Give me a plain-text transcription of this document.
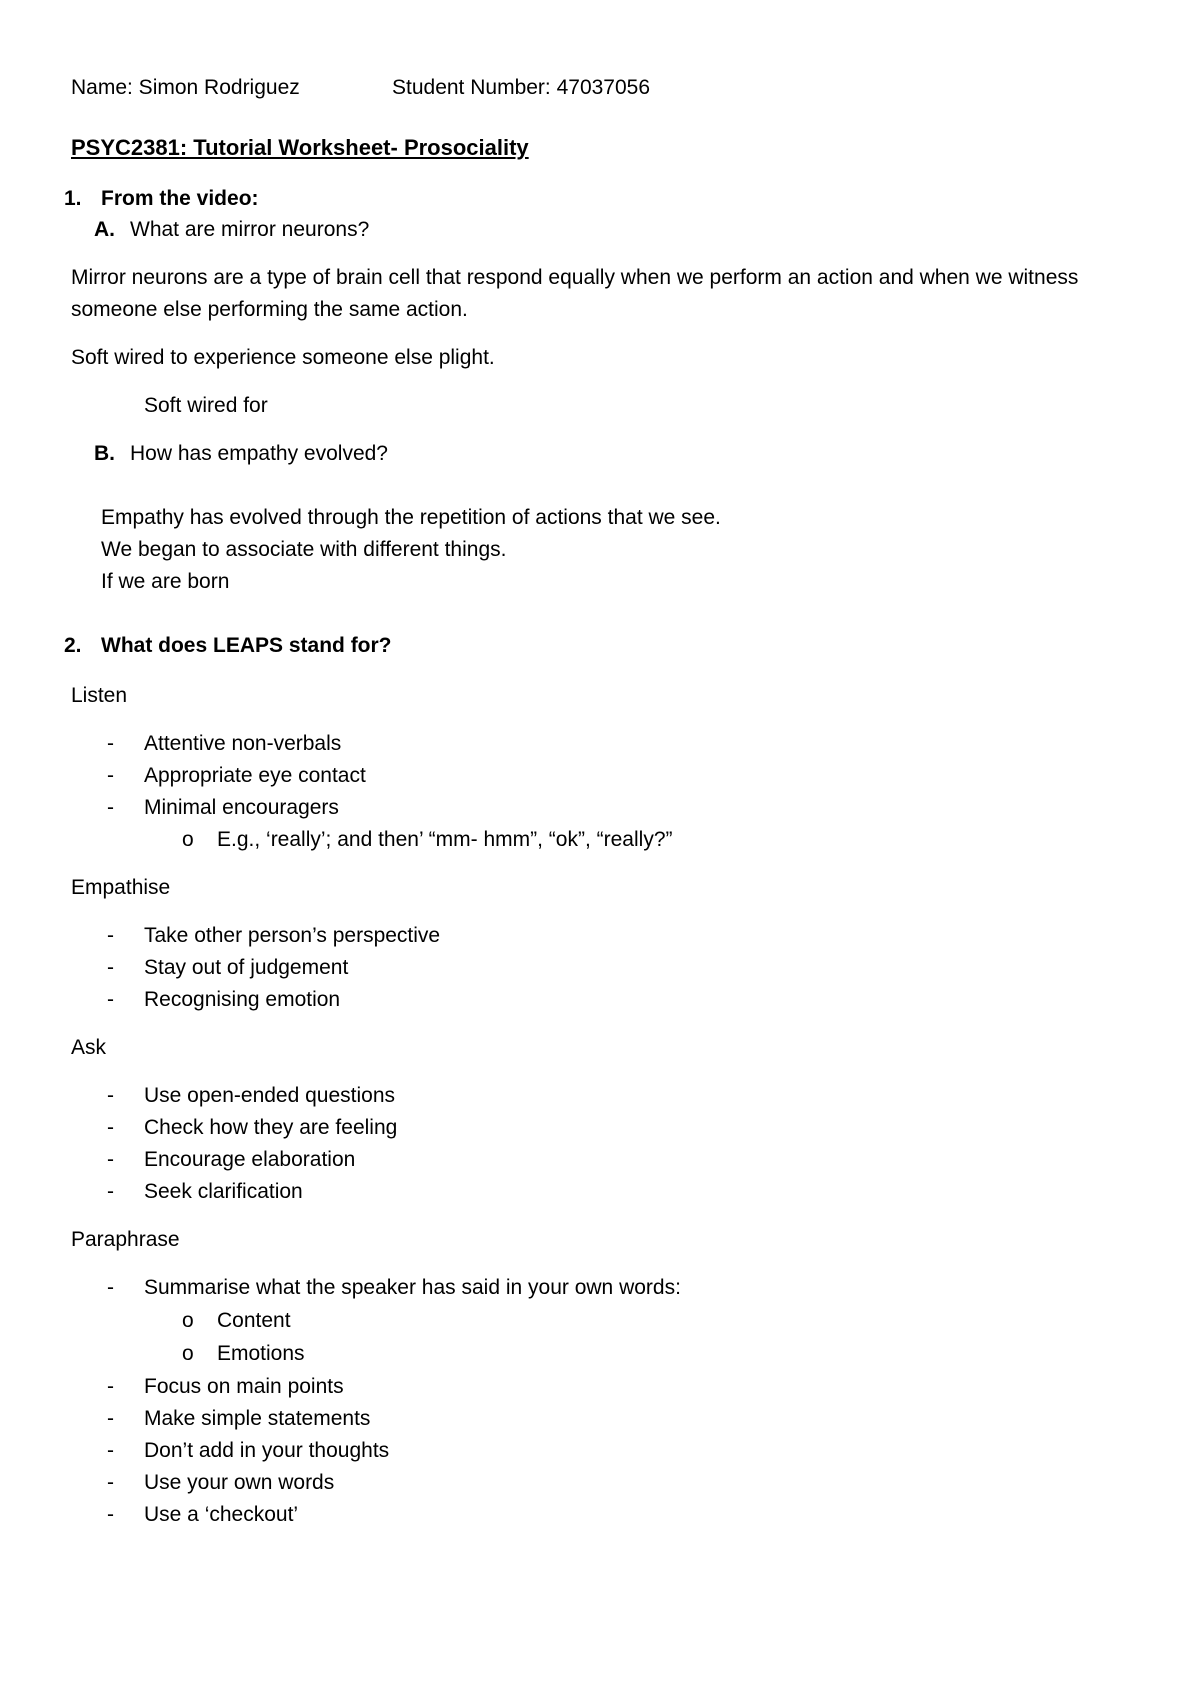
Name: Simon Rodriguez	Student Number: 47037056
PSYC2381: Tutorial Worksheet- Prosociality
1. From the video:
A. What are mirror neurons?
Mirror neurons are a type of brain cell that respond equally when we perform an action and when we witness
someone else performing the same action.
Soft wired to experience someone else plight.
Soft wired for
B. How has empathy evolved?
Empathy has evolved through the repetition of actions that we see.
We began to associate with different things.
If we are born
2. What does LEAPS stand for?
Listen
- Attentive non-verbals
- Appropriate eye contact
- Minimal encouragers
o E.g., ‘really’; and then’ “mm- hmm”, “ok”, “really?”
Empathise
- Take other person’s perspective
- Stay out of judgement
- Recognising emotion
Ask
- Use open-ended questions
- Check how they are feeling
- Encourage elaboration
- Seek clarification
Paraphrase
- Summarise what the speaker has said in your own words:
o Content
o Emotions
- Focus on main points
- Make simple statements
- Don’t add in your thoughts
- Use your own words
- Use a ‘checkout’
